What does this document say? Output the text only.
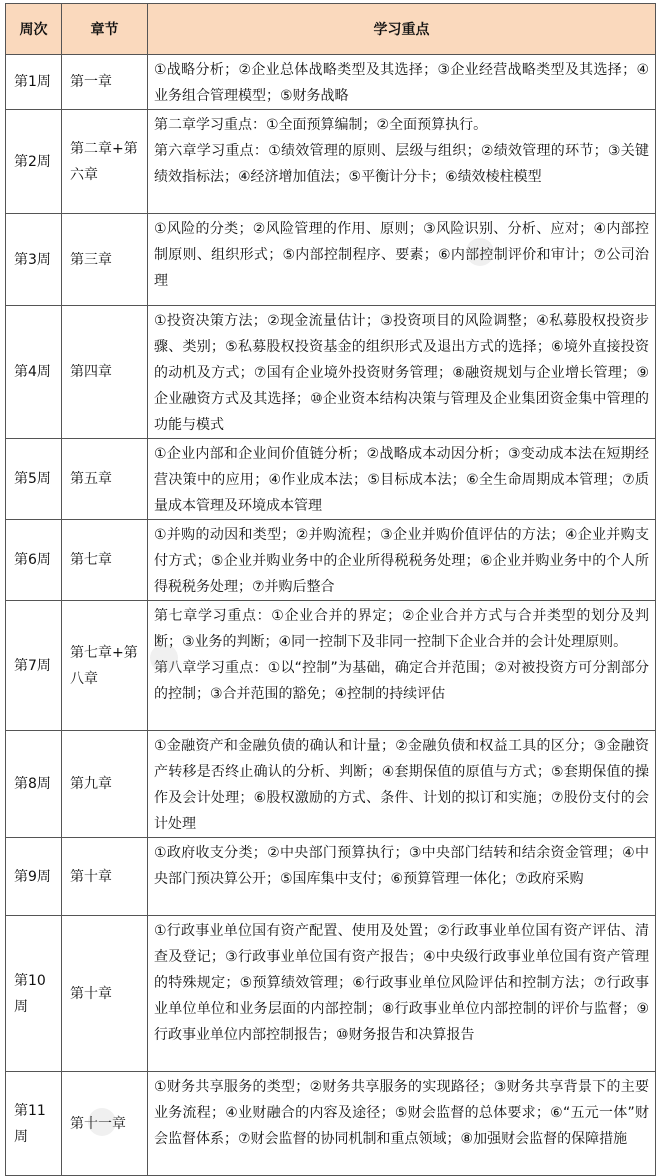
周次	章节	学习重点
第1周	第一章	①战略分析；②企业总体战略类型及其选择；③企业经营战略类型及其选择；④业务组合管理模型；⑤财务战略

第2周	第二章+第六章	第二章学习重点：①全面预算编制；②全面预算执行。
第六章学习重点：①绩效管理的原则、层级与组织；②绩效管理的环节；③关键绩效指标法；④经济增加值法；⑤平衡计分卡；⑥绩效棱柱模型

第3周	第三章	①风险的分类；②风险管理的作用、原则；③风险识别、分析、应对；④内部控制原则、组织形式；⑤内部控制程序、要素；⑥内部控制评价和审计；⑦公司治理

第4周	第四章	①投资决策方法；②现金流量估计；③投资项目的风险调整；④私募股权投资步骤、类别；⑤私募股权投资基金的组织形式及退出方式的选择；⑥境外直接投资的动机及方式；⑦国有企业境外投资财务管理；⑧融资规划与企业增长管理；⑨企业融资方式及其选择；⑩企业资本结构决策与管理及企业集团资金集中管理的功能与模式

第5周	第五章	①企业内部和企业间价值链分析；②战略成本动因分析；③变动成本法在短期经营决策中的应用；④作业成本法；⑤目标成本法；⑥全生命周期成本管理；⑦质量成本管理及环境成本管理

第6周	第七章	①并购的动因和类型；②并购流程；③企业并购价值评估的方法；④企业并购支付方式；⑤企业并购业务中的企业所得税税务处理；⑥企业并购业务中的个人所得税税务处理；⑦并购后整合

第7周	第七章+第八章	第七章学习重点：①企业合并的界定；②企业合并方式与合并类型的划分及判断；③业务的判断；④同一控制下及非同一控制下企业合并的会计处理原则。
第八章学习重点：①以“控制”为基础，确定合并范围；②对被投资方可分割部分的控制；③合并范围的豁免；④控制的持续评估

第8周	第九章	①金融资产和金融负债的确认和计量；②金融负债和权益工具的区分；③金融资产转移是否终止确认的分析、判断；④套期保值的原值与方式；⑤套期保值的操作及会计处理；⑥股权激励的方式、条件、计划的拟订和实施；⑦股份支付的会计处理

第9周	第十章	①政府收支分类；②中央部门预算执行；③中央部门结转和结余资金管理；④中央部门预决算公开；⑤国库集中支付；⑥预算管理一体化；⑦政府采购

第10周	第十章	①行政事业单位国有资产配置、使用及处置；②行政事业单位国有资产评估、清查及登记；③行政事业单位国有资产报告；④中央级行政事业单位国有资产管理的特殊规定；⑤预算绩效管理；⑥行政事业单位风险评估和控制方法；⑦行政事业单位单位和业务层面的内部控制；⑧行政事业单位内部控制的评价与监督；⑨行政事业单位内部控制报告；⑩财务报告和决算报告

第11周	第十一章	①财务共享服务的类型；②财务共享服务的实现路径；③财务共享背景下的主要业务流程；④业财融合的内容及途径；⑤财会监督的总体要求；⑥“五元一体”财会监督体系；⑦财会监督的协同机制和重点领域；⑧加强财会监督的保障措施
